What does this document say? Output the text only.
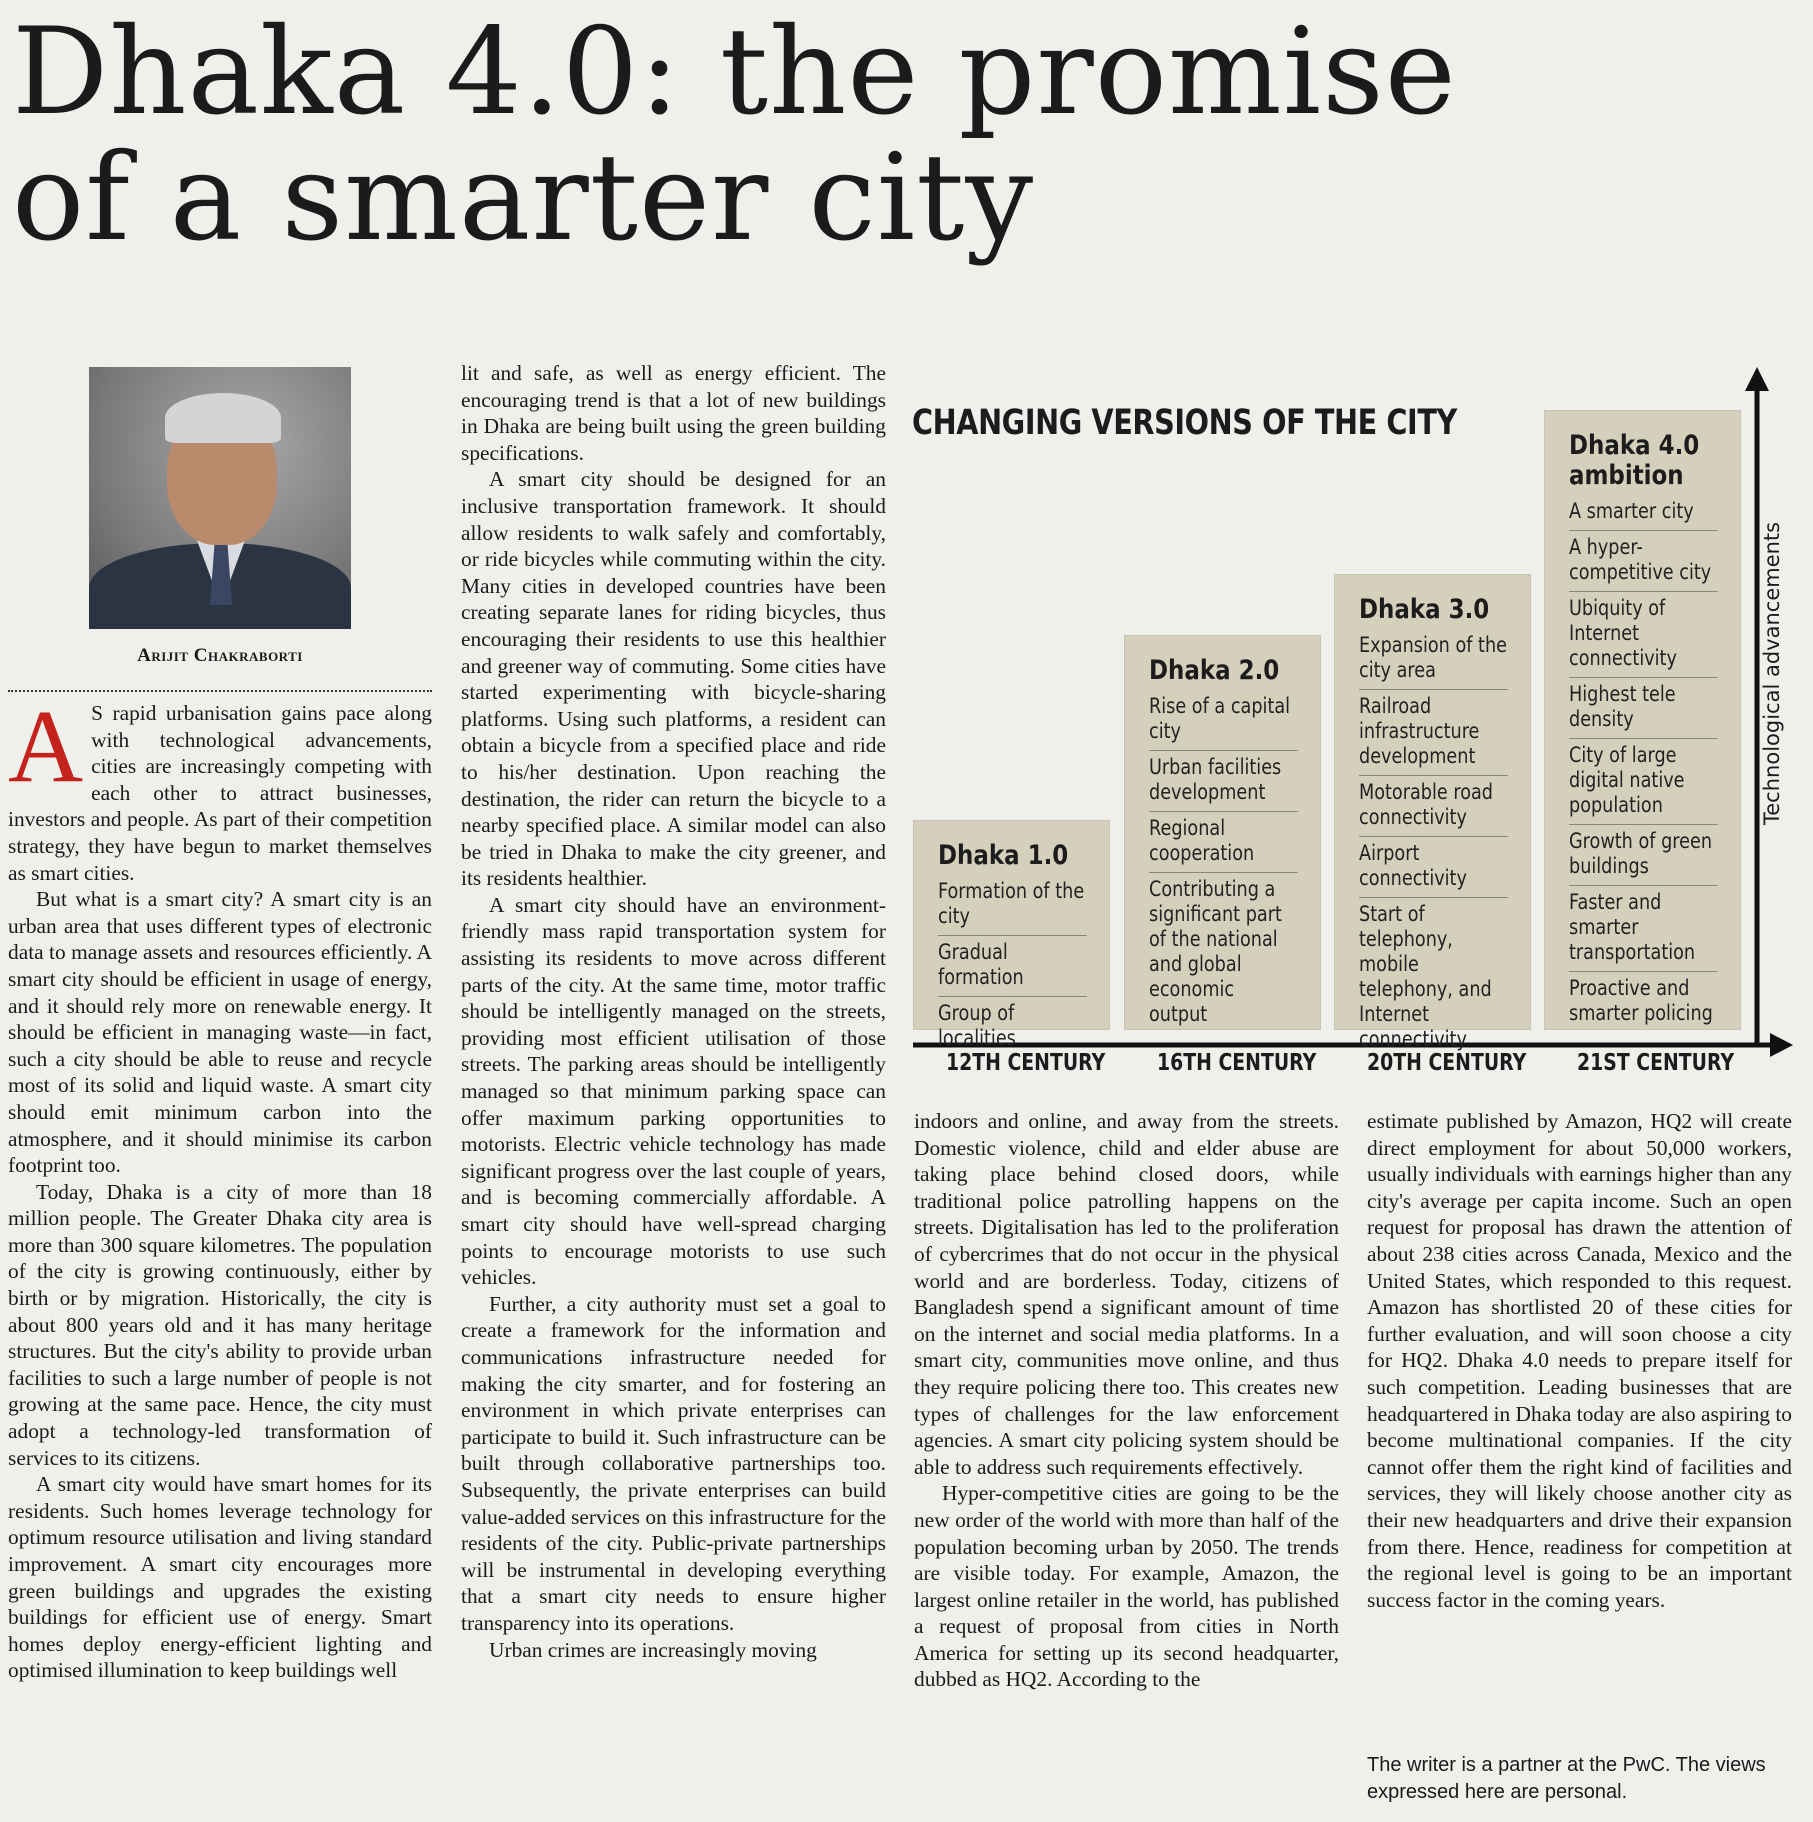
Dhaka 4.0: the promise
of a smarter city
Arijit Chakraborti

A S rapid urbanisation gains pace along with technological advancements, cities are increasingly competing with each other to attract businesses, investors and people. As part of their competition strategy, they have begun to market themselves as smart cities.

But what is a smart city? A smart city is an urban area that uses different types of electronic data to manage assets and resources efficiently. A smart city should be efficient in usage of energy, and it should rely more on renewable energy. It should be efficient in managing waste—in fact, such a city should be able to reuse and recycle most of its solid and liquid waste. A smart city should emit minimum carbon into the atmosphere, and it should minimise its carbon footprint too.

Today, Dhaka is a city of more than 18 million people. The Greater Dhaka city area is more than 300 square kilometres. The population of the city is growing continuously, either by birth or by migration. Historically, the city is about 800 years old and it has many heritage structures. But the city's ability to provide urban facilities to such a large number of people is not growing at the same pace. Hence, the city must adopt a technology-led transformation of services to its citizens.

A smart city would have smart homes for its residents. Such homes leverage technology for optimum resource utilisation and living standard improvement. A smart city encourages more green buildings and upgrades the existing buildings for efficient use of energy. Smart homes deploy energy-efficient lighting and optimised illumination to keep buildings well

lit and safe, as well as energy efficient. The encouraging trend is that a lot of new buildings in Dhaka are being built using the green building specifications.

A smart city should be designed for an inclusive transportation framework. It should allow residents to walk safely and comfortably, or ride bicycles while commuting within the city. Many cities in developed countries have been creating separate lanes for riding bicycles, thus encouraging their residents to use this healthier and greener way of commuting. Some cities have started experimenting with bicycle-sharing platforms. Using such platforms, a resident can obtain a bicycle from a specified place and ride to his/her destination. Upon reaching the destination, the rider can return the bicycle to a nearby specified place. A similar model can also be tried in Dhaka to make the city greener, and its residents healthier.

A smart city should have an environment-friendly mass rapid transportation system for assisting its residents to move across different parts of the city. At the same time, motor traffic should be intelligently managed on the streets, providing most efficient utilisation of those streets. The parking areas should be intelligently managed so that minimum parking space can offer maximum parking opportunities to motorists. Electric vehicle technology has made significant progress over the last couple of years, and is becoming commercially affordable. A smart city should have well-spread charging points to encourage motorists to use such vehicles.

Further, a city authority must set a goal to create a framework for the information and communications infrastructure needed for making the city smarter, and for fostering an environment in which private enterprises can participate to build it. Such infrastructure can be built through collaborative partnerships too. Subsequently, the private enterprises can build value-added services on this infrastructure for the residents of the city. Public-private partnerships will be instrumental in developing everything that a smart city needs to ensure higher transparency into its operations.

Urban crimes are increasingly moving

CHANGING VERSIONS OF THE CITY
Technological advancements
Dhaka 1.0
Formation of the city
Gradual formation
Group of localities
12TH CENTURY
Dhaka 2.0
Rise of a capital city
Urban facilities development
Regional cooperation
Contributing a significant part of the national and global economic output
16TH CENTURY
Dhaka 3.0
Expansion of the city area
Railroad infrastructure development
Motorable road connectivity
Airport connectivity
Start of telephony, mobile telephony, and Internet connectivity
20TH CENTURY
Dhaka 4.0 ambition
A smarter city
A hyper-competitive city
Ubiquity of Internet connectivity
Highest tele density
City of large digital native population
Growth of green buildings
Faster and smarter transportation
Proactive and smarter policing
21ST CENTURY

indoors and online, and away from the streets. Domestic violence, child and elder abuse are taking place behind closed doors, while traditional police patrolling happens on the streets. Digitalisation has led to the proliferation of cybercrimes that do not occur in the physical world and are borderless. Today, citizens of Bangladesh spend a significant amount of time on the internet and social media platforms. In a smart city, communities move online, and thus they require policing there too. This creates new types of challenges for the law enforcement agencies. A smart city policing system should be able to address such requirements effectively.

Hyper-competitive cities are going to be the new order of the world with more than half of the population becoming urban by 2050. The trends are visible today. For example, Amazon, the largest online retailer in the world, has published a request of proposal from cities in North America for setting up its second headquarter, dubbed as HQ2. According to the

estimate published by Amazon, HQ2 will create direct employment for about 50,000 workers, usually individuals with earnings higher than any city's average per capita income. Such an open request for proposal has drawn the attention of about 238 cities across Canada, Mexico and the United States, which responded to this request. Amazon has shortlisted 20 of these cities for further evaluation, and will soon choose a city for HQ2. Dhaka 4.0 needs to prepare itself for such competition. Leading businesses that are headquartered in Dhaka today are also aspiring to become multinational companies. If the city cannot offer them the right kind of facilities and services, they will likely choose another city as their new headquarters and drive their expansion from there. Hence, readiness for competition at the regional level is going to be an important success factor in the coming years.

The writer is a partner at the PwC. The views expressed here are personal.
